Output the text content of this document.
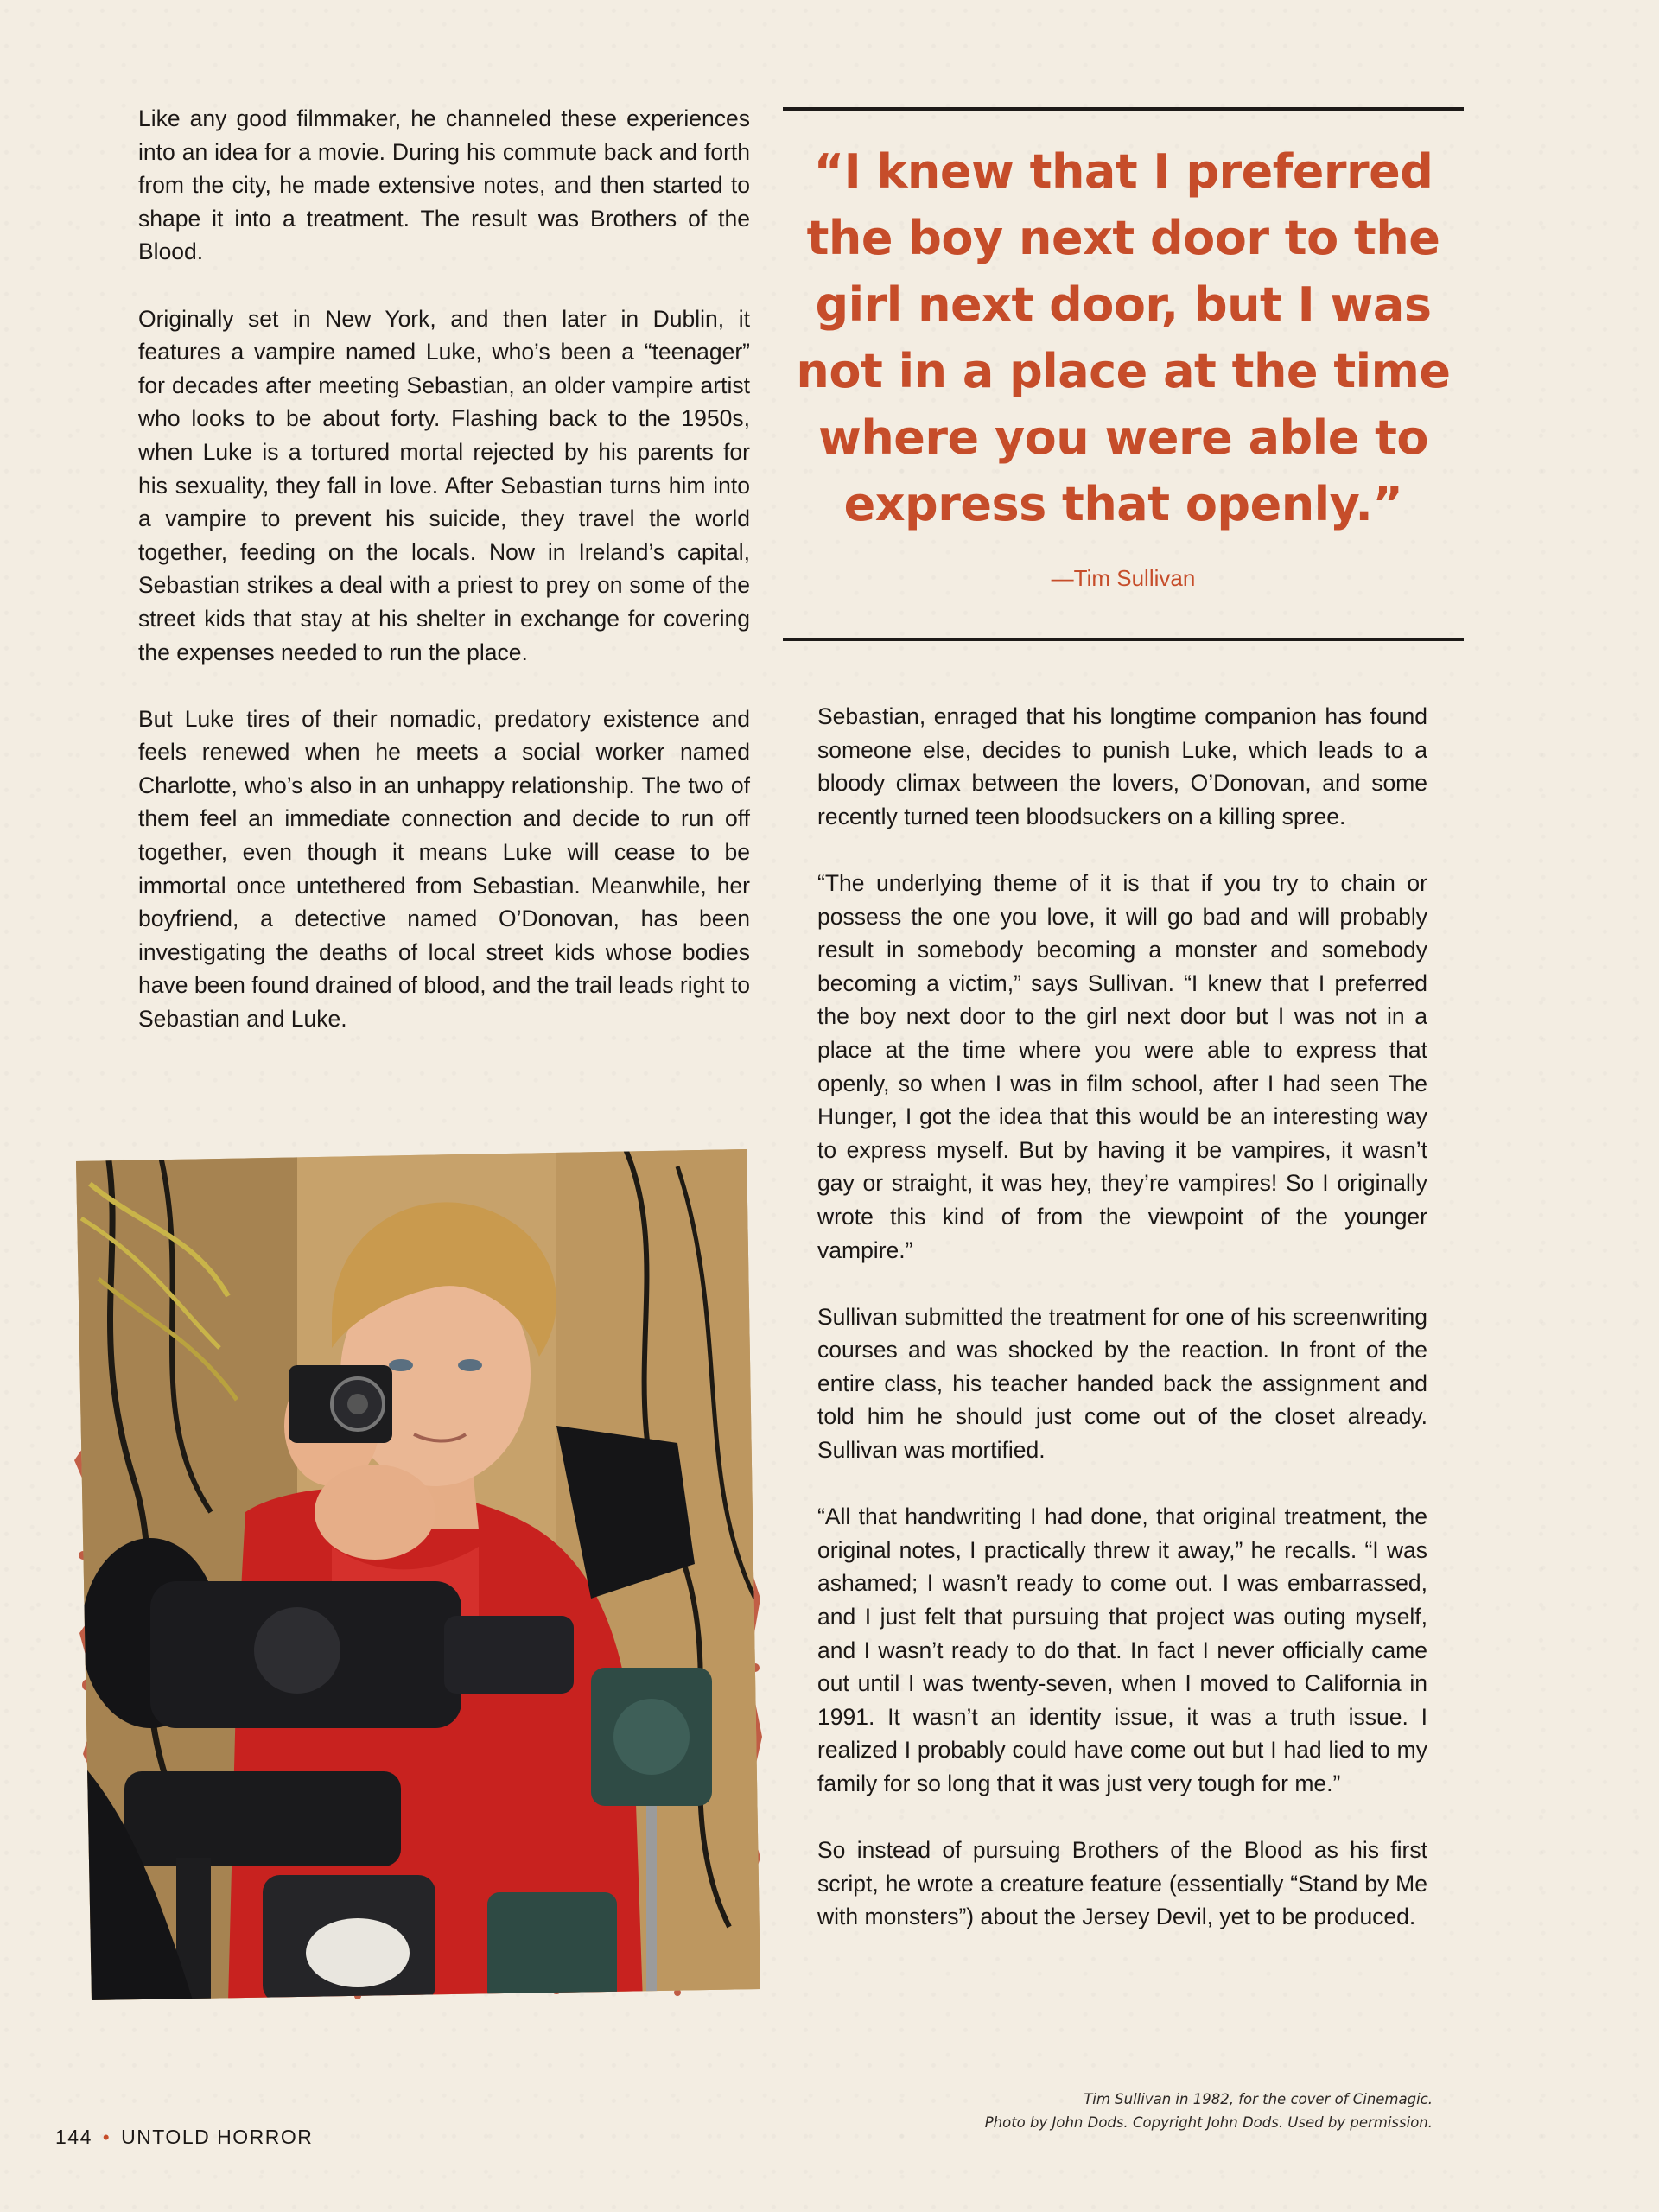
Like any good filmmaker, he channeled these experiences into an idea for a movie. During his commute back and forth from the city, he made extensive notes, and then started to shape it into a treatment. The result was Brothers of the Blood.

Originally set in New York, and then later in Dublin, it features a vampire named Luke, who’s been a “teenager” for decades after meeting Sebastian, an older vampire artist who looks to be about forty. Flashing back to the 1950s, when Luke is a tortured mortal rejected by his parents for his sexuality, they fall in love. After Sebastian turns him into a vampire to prevent his suicide, they travel the world together, feeding on the locals. Now in Ireland’s capital, Sebastian strikes a deal with a priest to prey on some of the street kids that stay at his shelter in exchange for covering the expenses needed to run the place.

But Luke tires of their nomadic, predatory existence and feels renewed when he meets a social worker named Charlotte, who’s also in an unhappy relationship. The two of them feel an immediate connection and decide to run off together, even though it means Luke will cease to be immortal once untethered from Sebastian. Meanwhile, her boyfriend, a detective named O’Donovan, has been investigating the deaths of local street kids whose bodies have been found drained of blood, and the trail leads right to Sebastian and Luke.

“I knew that I preferred the boy next door to the girl next door, but I was not in a place at the time where you were able to express that openly.”
—Tim Sullivan

Sebastian, enraged that his longtime companion has found someone else, decides to punish Luke, which leads to a bloody climax between the lovers, O’Donovan, and some recently turned teen bloodsuckers on a killing spree.

“The underlying theme of it is that if you try to chain or possess the one you love, it will go bad and will probably result in somebody becoming a monster and somebody becoming a victim,” says Sullivan. “I knew that I preferred the boy next door to the girl next door but I was not in a place at the time where you were able to express that openly, so when I was in film school, after I had seen The Hunger, I got the idea that this would be an interesting way to express myself. But by having it be vampires, it wasn’t gay or straight, it was hey, they’re vampires! So I originally wrote this kind of from the viewpoint of the younger vampire.”

Sullivan submitted the treatment for one of his screenwriting courses and was shocked by the reaction. In front of the entire class, his teacher handed back the assignment and told him he should just come out of the closet already. Sullivan was mortified.

“All that handwriting I had done, that original treatment, the original notes, I practically threw it away,” he recalls. “I was ashamed; I wasn’t ready to come out. I was embarrassed, and I just felt that pursuing that project was outing myself, and I wasn’t ready to do that. In fact I never officially came out until I was twenty-seven, when I moved to California in 1991. It wasn’t an identity issue, it was a truth issue. I realized I probably could have come out but I had lied to my family for so long that it was just very tough for me.”

So instead of pursuing Brothers of the Blood as his first script, he wrote a creature feature (essentially “Stand by Me with monsters”) about the Jersey Devil, yet to be produced.

Tim Sullivan in 1982, for the cover of Cinemagic.
Photo by John Dods. Copyright John Dods. Used by permission.
144 • UNTOLD HORROR
